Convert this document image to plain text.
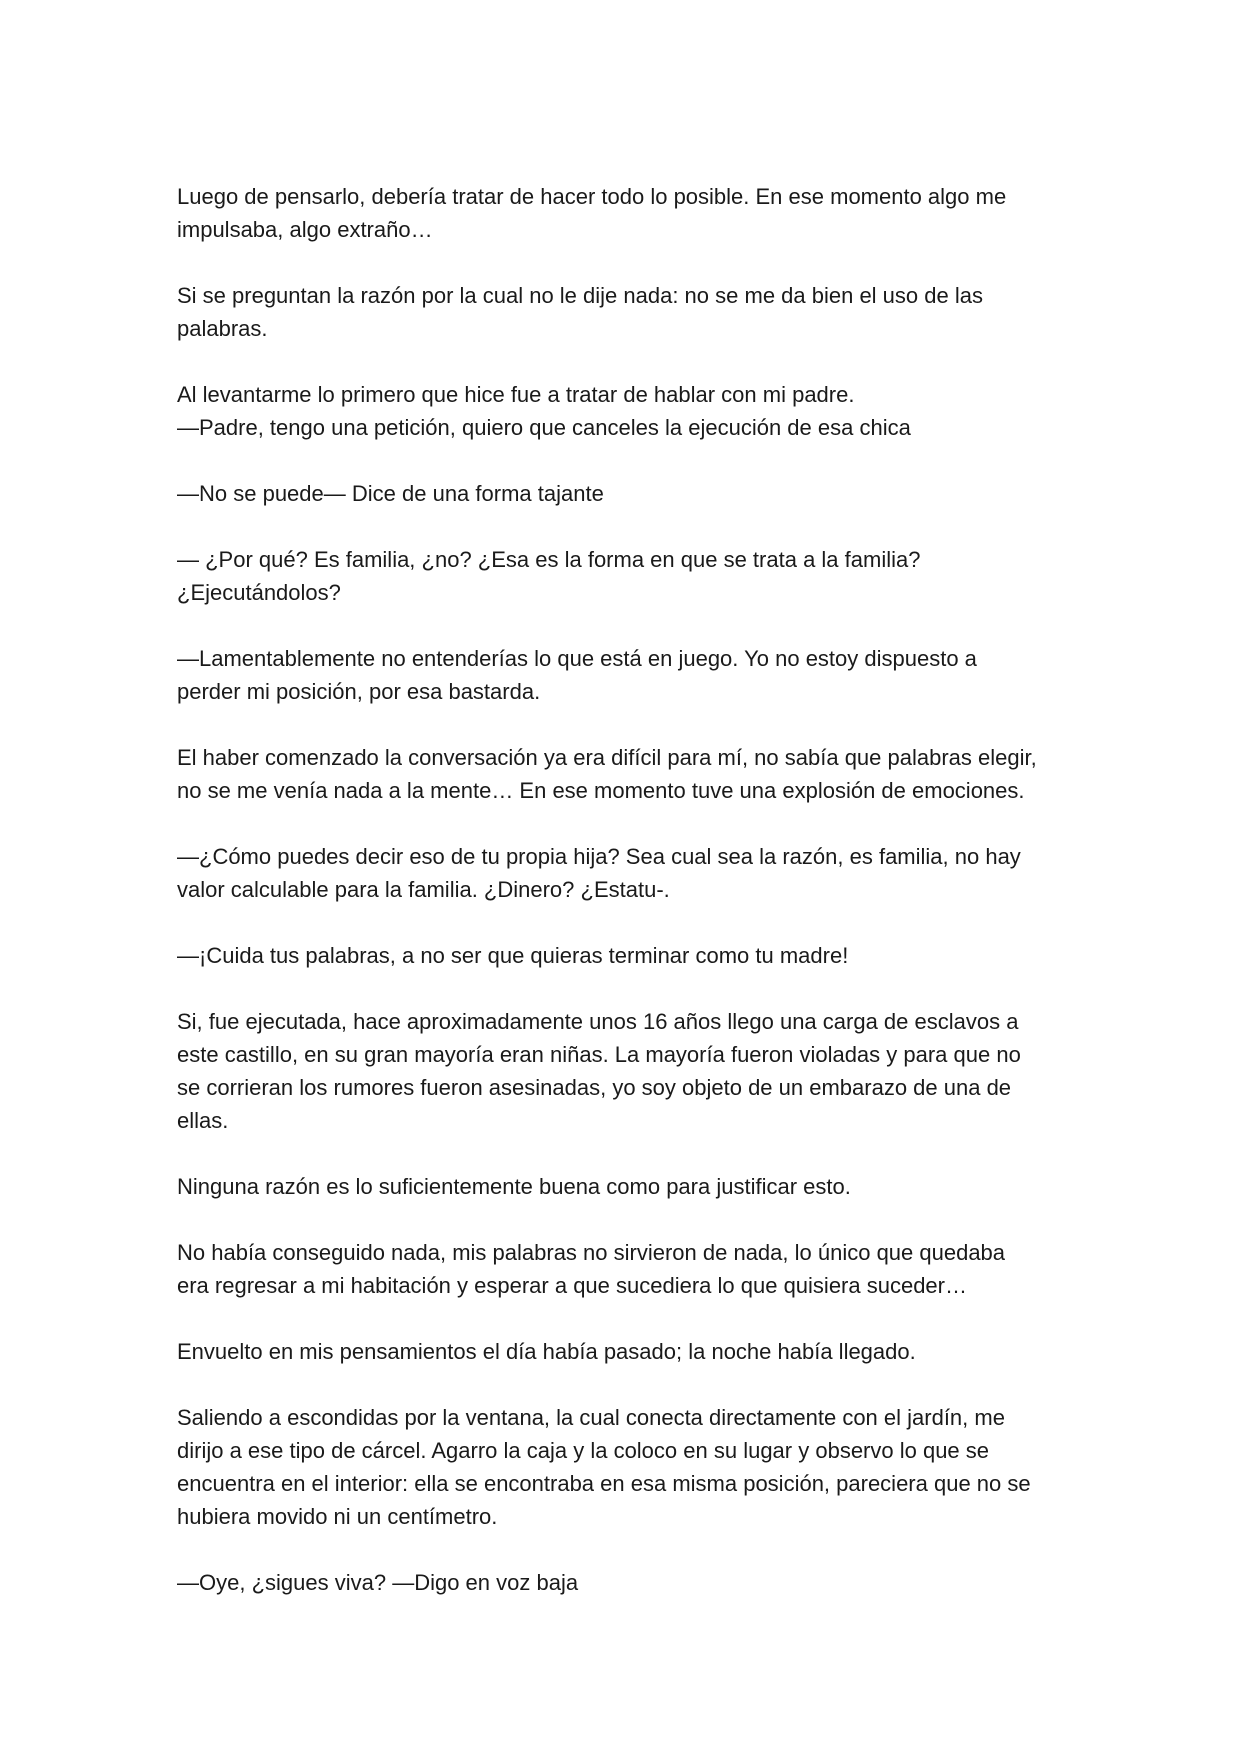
Luego de pensarlo, debería tratar de hacer todo lo posible. En ese momento algo me
impulsaba, algo extraño…

Si se preguntan la razón por la cual no le dije nada: no se me da bien el uso de las
palabras.

Al levantarme lo primero que hice fue a tratar de hablar con mi padre.
—Padre, tengo una petición, quiero que canceles la ejecución de esa chica

—No se puede— Dice de una forma tajante

— ¿Por qué? Es familia, ¿no? ¿Esa es la forma en que se trata a la familia?
¿Ejecutándolos?

—Lamentablemente no entenderías lo que está en juego. Yo no estoy dispuesto a
perder mi posición, por esa bastarda.

El haber comenzado la conversación ya era difícil para mí, no sabía que palabras elegir,
no se me venía nada a la mente… En ese momento tuve una explosión de emociones.

—¿Cómo puedes decir eso de tu propia hija? Sea cual sea la razón, es familia, no hay
valor calculable para la familia. ¿Dinero? ¿Estatu-.

—¡Cuida tus palabras, a no ser que quieras terminar como tu madre!

Si, fue ejecutada, hace aproximadamente unos 16 años llego una carga de esclavos a
este castillo, en su gran mayoría eran niñas. La mayoría fueron violadas y para que no
se corrieran los rumores fueron asesinadas, yo soy objeto de un embarazo de una de
ellas.

Ninguna razón es lo suficientemente buena como para justificar esto.

No había conseguido nada, mis palabras no sirvieron de nada, lo único que quedaba
era regresar a mi habitación y esperar a que sucediera lo que quisiera suceder…

Envuelto en mis pensamientos el día había pasado; la noche había llegado.

Saliendo a escondidas por la ventana, la cual conecta directamente con el jardín, me
dirijo a ese tipo de cárcel. Agarro la caja y la coloco en su lugar y observo lo que se
encuentra en el interior: ella se encontraba en esa misma posición, pareciera que no se
hubiera movido ni un centímetro.

—Oye, ¿sigues viva? —Digo en voz baja
